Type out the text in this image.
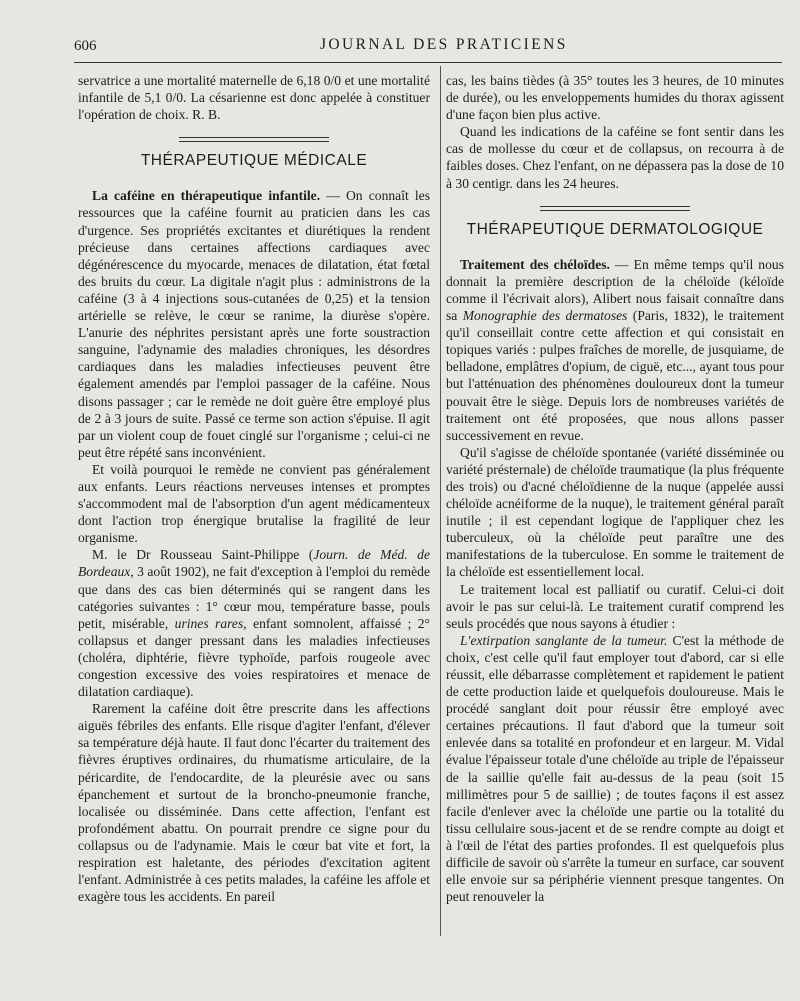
606	JOURNAL DES PRATICIENS

servatrice a une mortalité maternelle de 6,18 0/0 et une mortalité infantile de 5,1 0/0. La césarienne est donc appelée à constituer l'opération de choix. R. B.

THÉRAPEUTIQUE MÉDICALE

La caféine en thérapeutique infantile. — On connaît les ressources que la caféine fournit au praticien dans les cas d'urgence. Ses propriétés excitantes et diurétiques la rendent précieuse dans certaines affections cardiaques avec dégénérescence du myocarde, menaces de dilatation, état fœtal des bruits du cœur. La digitale n'agit plus : administrons de la caféine (3 à 4 injections sous-cutanées de 0,25) et la tension artérielle se relève, le cœur se ranime, la diurèse s'opère. L'anurie des néphrites persistant après une forte soustraction sanguine, l'adynamie des maladies chroniques, les désordres cardiaques dans les maladies infectieuses peuvent être également amendés par l'emploi passager de la caféine. Nous disons passager ; car le remède ne doit guère être employé plus de 2 à 3 jours de suite. Passé ce terme son action s'épuise. Il agit par un violent coup de fouet cinglé sur l'organisme ; celui-ci ne peut être répété sans inconvénient.

Et voilà pourquoi le remède ne convient pas généralement aux enfants. Leurs réactions nerveuses intenses et promptes s'accommodent mal de l'absorption d'un agent médicamenteux dont l'action trop énergique brutalise la fragilité de leur organisme.

M. le Dr Rousseau Saint-Philippe (Journ. de Méd. de Bordeaux, 3 août 1902), ne fait d'exception à l'emploi du remède que dans des cas bien déterminés qui se rangent dans les catégories suivantes : 1° cœur mou, température basse, pouls petit, misérable, urines rares, enfant somnolent, affaissé ; 2° collapsus et danger pressant dans les maladies infectieuses (choléra, diphtérie, fièvre typhoïde, parfois rougeole avec congestion excessive des voies respiratoires et menace de dilatation cardiaque).

Rarement la caféine doit être prescrite dans les affections aiguës fébriles des enfants. Elle risque d'agiter l'enfant, d'élever sa température déjà haute. Il faut donc l'écarter du traitement des fièvres éruptives ordinaires, du rhumatisme articulaire, de la péricardite, de l'endocardite, de la pleurésie avec ou sans épanchement et surtout de la broncho-pneumonie franche, localisée ou disséminée. Dans cette affection, l'enfant est profondément abattu. On pourrait prendre ce signe pour du collapsus ou de l'adynamie. Mais le cœur bat vite et fort, la respiration est haletante, des périodes d'excitation agitent l'enfant. Administrée à ces petits malades, la caféine les affole et exagère tous les accidents. En pareil

cas, les bains tièdes (à 35° toutes les 3 heures, de 10 minutes de durée), ou les enveloppements humides du thorax agissent d'une façon bien plus active.

Quand les indications de la caféine se font sentir dans les cas de mollesse du cœur et de collapsus, on recourra à de faibles doses. Chez l'enfant, on ne dépassera pas la dose de 10 à 30 centigr. dans les 24 heures.

THÉRAPEUTIQUE DERMATOLOGIQUE

Traitement des chéloïdes. — En même temps qu'il nous donnait la première description de la chéloïde (kéloïde comme il l'écrivait alors), Alibert nous faisait connaître dans sa Monographie des dermatoses (Paris, 1832), le traitement qu'il conseillait contre cette affection et qui consistait en topiques variés : pulpes fraîches de morelle, de jusquiame, de belladone, emplâtres d'opium, de ciguë, etc..., ayant tous pour but l'atténuation des phénomènes douloureux dont la tumeur pouvait être le siège. Depuis lors de nombreuses variétés de traitement ont été proposées, que nous allons passer successivement en revue.

Qu'il s'agisse de chéloïde spontanée (variété disséminée ou variété présternale) de chéloïde traumatique (la plus fréquente des trois) ou d'acné chéloïdienne de la nuque (appelée aussi chéloïde acnéiforme de la nuque), le traitement général paraît inutile ; il est cependant logique de l'appliquer chez les tuberculeux, où la chéloïde peut paraître une des manifestations de la tuberculose. En somme le traitement de la chéloïde est essentiellement local.

Le traitement local est palliatif ou curatif. Celui-ci doit avoir le pas sur celui-là. Le traitement curatif comprend les seuls procédés que nous sayons à étudier :

L'extirpation sanglante de la tumeur. C'est la méthode de choix, c'est celle qu'il faut employer tout d'abord, car si elle réussit, elle débarrasse complètement et rapidement le patient de cette production laide et quelquefois douloureuse. Mais le procédé sanglant doit pour réussir être employé avec certaines précautions. Il faut d'abord que la tumeur soit enlevée dans sa totalité en profondeur et en largeur. M. Vidal évalue l'épaisseur totale d'une chéloïde au triple de l'épaisseur de la saillie qu'elle fait au-dessus de la peau (soit 15 millimètres pour 5 de saillie) ; de toutes façons il est assez facile d'enlever avec la chéloïde une partie ou la totalité du tissu cellulaire sous-jacent et de se rendre compte au doigt et à l'œil de l'état des parties profondes. Il est quelquefois plus difficile de savoir où s'arrête la tumeur en surface, car souvent elle envoie sur sa périphérie viennent presque tangentes. On peut renouveler la
